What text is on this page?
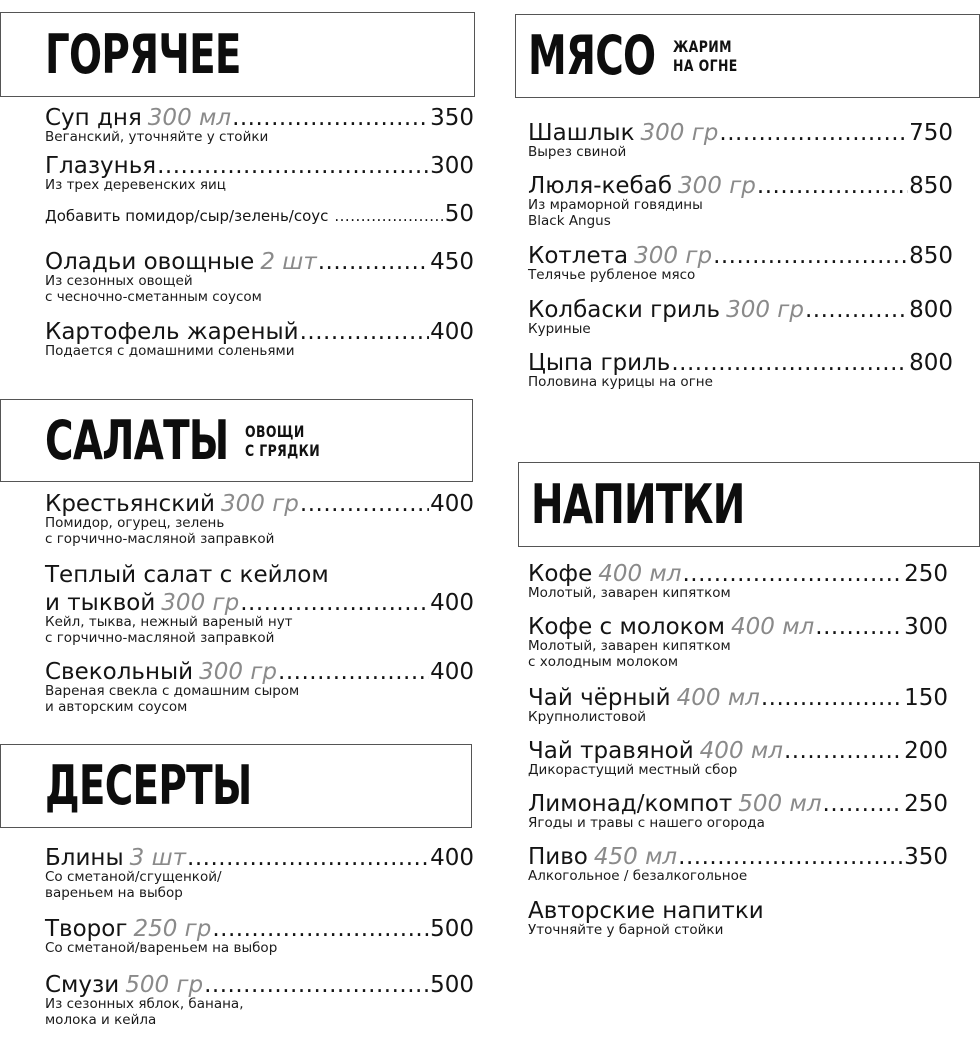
ГОРЯЧЕЕ
Суп дня 300 мл .....	350
Веганский, уточняйте у стойки
Глазунья .....	300
Из трех деревенских яиц
Добавить помидор/сыр/зелень/соус .....	50
Оладьи овощные 2 шт .....	450
Из сезонных овощей
с чесночно-сметанным соусом
Картофель жареный .....	400
Подается с домашними соленьями
САЛАТЫ ОВОЩИ
С ГРЯДКИ
Крестьянский 300 гр .....	400
Помидор, огурец, зелень
с горчично-масляной заправкой
Теплый салат с кейлом
и тыквой 300 гр .....	400
Кейл, тыква, нежный вареный нут
с горчично-масляной заправкой
Свекольный 300 гр .....	400
Вареная свекла с домашним сыром
и авторским соусом
ДЕСЕРТЫ
Блины 3 шт .....	400
Со сметаной/сгущенкой/
вареньем на выбор
Творог 250 гр .....	500
Со сметаной/вареньем на выбор
Смузи 500 гр .....	500
Из сезонных яблок, банана,
молока и кейла
МЯСО ЖАРИМ
НА ОГНЕ
Шашлык 300 гр .....	750
Вырез свиной
Люля-кебаб 300 гр .....	850
Из мраморной говядины
Black Angus
Котлета 300 гр .....	850
Телячье рубленое мясо
Колбаски гриль 300 гр .....	800
Куриные
Цыпа гриль .....	800
Половина курицы на огне
НАПИТКИ
Кофе 400 мл .....	250
Молотый, заварен кипятком
Кофе с молоком 400 мл .....	300
Молотый, заварен кипятком
с холодным молоком
Чай чёрный 400 мл .....	150
Крупнолистовой
Чай травяной 400 мл .....	200
Дикорастущий местный сбор
Лимонад/компот 500 мл .....	250
Ягоды и травы с нашего огорода
Пиво 450 мл .....	350
Алкогольное / безалкогольное
Авторские напитки
Уточняйте у барной стойки
